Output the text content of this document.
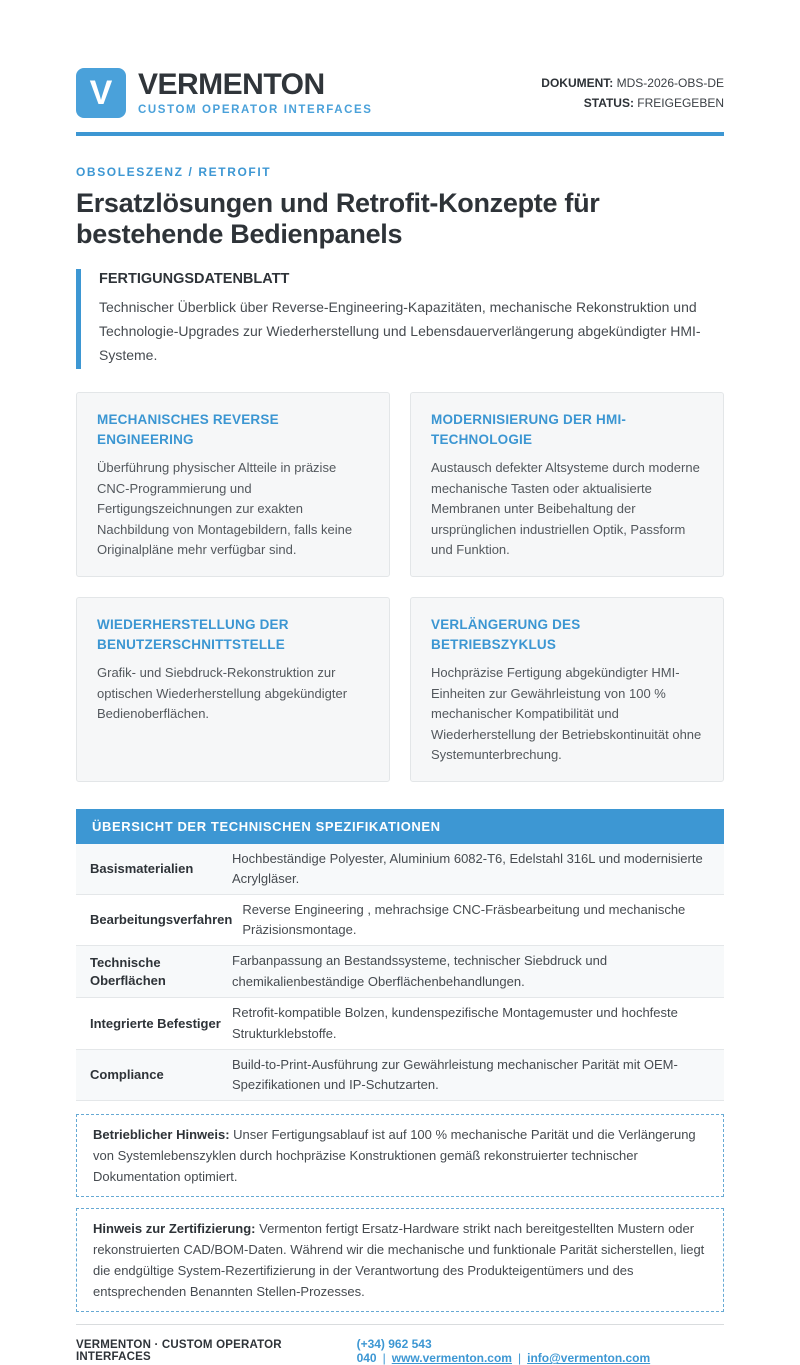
V VERMENTON
CUSTOM OPERATOR INTERFACES
DOKUMENT: MDS-2026-OBS-DE
STATUS: FREIGEGEBEN
OBSOLESZENZ / RETROFIT
Ersatzlösungen und Retrofit-Konzepte für bestehende Bedienpanels
FERTIGUNGSDATENBLATT
Technischer Überblick über Reverse-Engineering-Kapazitäten, mechanische Rekonstruktion und Technologie-Upgrades zur Wiederherstellung und Lebensdauerverlängerung abgekündigter HMI-Systeme.
MECHANISCHES REVERSE ENGINEERING
Überführung physischer Altteile in präzise CNC-Programmierung und Fertigungszeichnungen zur exakten Nachbildung von Montagebildern, falls keine Originalpläne mehr verfügbar sind.
MODERNISIERUNG DER HMI-TECHNOLOGIE
Austausch defekter Altsysteme durch moderne mechanische Tasten oder aktualisierte Membranen unter Beibehaltung der ursprünglichen industriellen Optik, Passform und Funktion.
WIEDERHERSTELLUNG DER BENUTZERSCHNITTSTELLE
Grafik- und Siebdruck-Rekonstruktion zur optischen Wiederherstellung abgekündigter Bedienoberflächen.
VERLÄNGERUNG DES BETRIEBSZYKLUS
Hochpräzise Fertigung abgekündigter HMI-Einheiten zur Gewährleistung von 100 % mechanischer Kompatibilität und Wiederherstellung der Betriebskontinuität ohne Systemunterbrechung.
ÜBERSICHT DER TECHNISCHEN SPEZIFIKATIONEN
Basismaterialien
Hochbeständige Polyester, Aluminium 6082-T6, Edelstahl 316L und modernisierte Acrylgläser.
Bearbeitungsverfahren
Reverse Engineering , mehrachsige CNC-Fräsbearbeitung und mechanische Präzisionsmontage.
Technische Oberflächen
Farbanpassung an Bestandssysteme, technischer Siebdruck und chemikalienbeständige Oberflächenbehandlungen.
Integrierte Befestiger
Retrofit-kompatible Bolzen, kundenspezifische Montagemuster und hochfeste Strukturklebstoffe.
Compliance
Build-to-Print-Ausführung zur Gewährleistung mechanischer Parität mit OEM-Spezifikationen und IP-Schutzarten.
Betrieblicher Hinweis: Unser Fertigungsablauf ist auf 100 % mechanische Parität und die Verlängerung von Systemlebenszyklen durch hochpräzise Konstruktionen gemäß rekonstruierter technischer Dokumentation optimiert.
Hinweis zur Zertifizierung: Vermenton fertigt Ersatz-Hardware strikt nach bereitgestellten Mustern oder rekonstruierten CAD/BOM-Daten. Während wir die mechanische und funktionale Parität sicherstellen, liegt die endgültige System-Rezertifizierung in der Verantwortung des Produkteigentümers und des entsprechenden Benannten Stellen-Prozesses.
VERMENTON · CUSTOM OPERATOR INTERFACES
(+34) 962 543 040 | www.vermenton.com | info@vermenton.com
